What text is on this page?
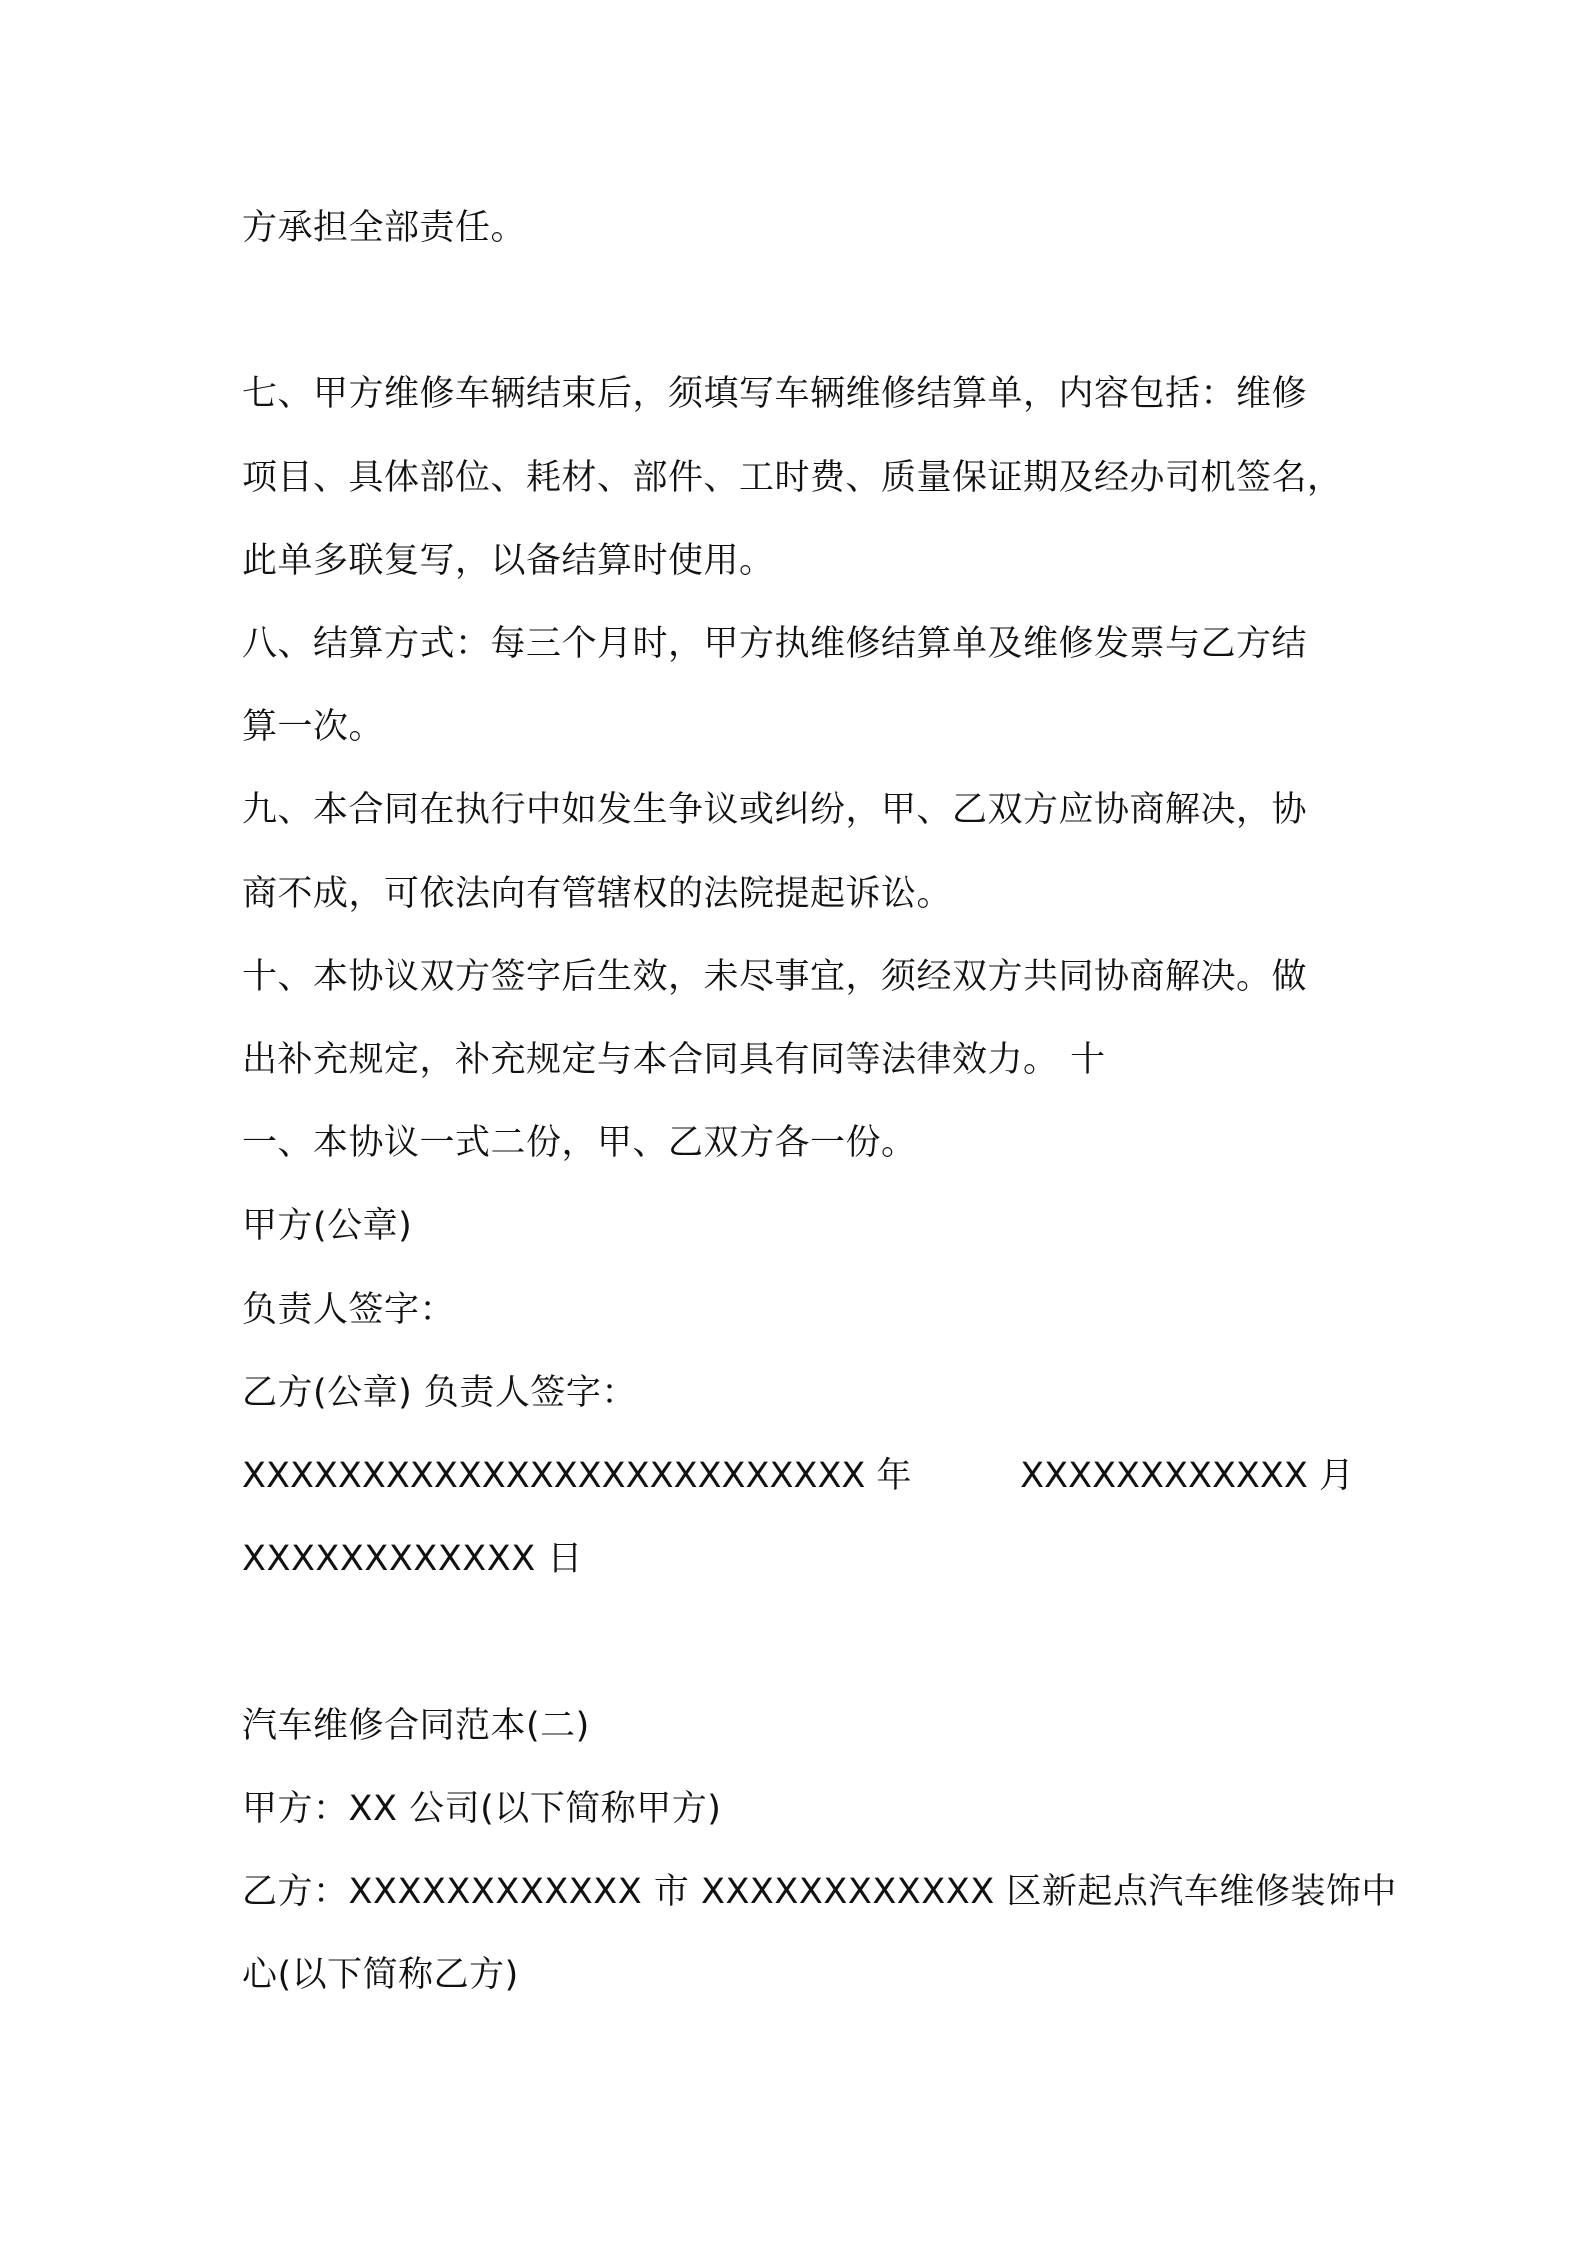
方承担全部责任。

七、甲方维修车辆结束后，须填写车辆维修结算单，内容包括：维修

项目、具体部位、耗材、部件、工时费、质量保证期及经办司机签名，

此单多联复写，以备结算时使用。

八、结算方式：每三个月时，甲方执维修结算单及维修发票与乙方结

算一次。

九、本合同在执行中如发生争议或纠纷，甲、乙双方应协商解决，协

商不成，可依法向有管辖权的法院提起诉讼。

十、本协议双方签字后生效，未尽事宜，须经双方共同协商解决。做

出补充规定，补充规定与本合同具有同等法律效力。 十

一、本协议一式二份，甲、乙双方各一份。

甲方(公章)

负责人签字：

乙方(公章) 负责人签字：

XXXXXXXXXXXXXXXXXXXXXXXXXX 年	XXXXXXXXXXXX 月

XXXXXXXXXXXX 日

汽车维修合同范本(二)

甲方：XX 公司(以下简称甲方)

乙方：XXXXXXXXXXXX 市 XXXXXXXXXXXX 区新起点汽车维修装饰中

心(以下简称乙方)
